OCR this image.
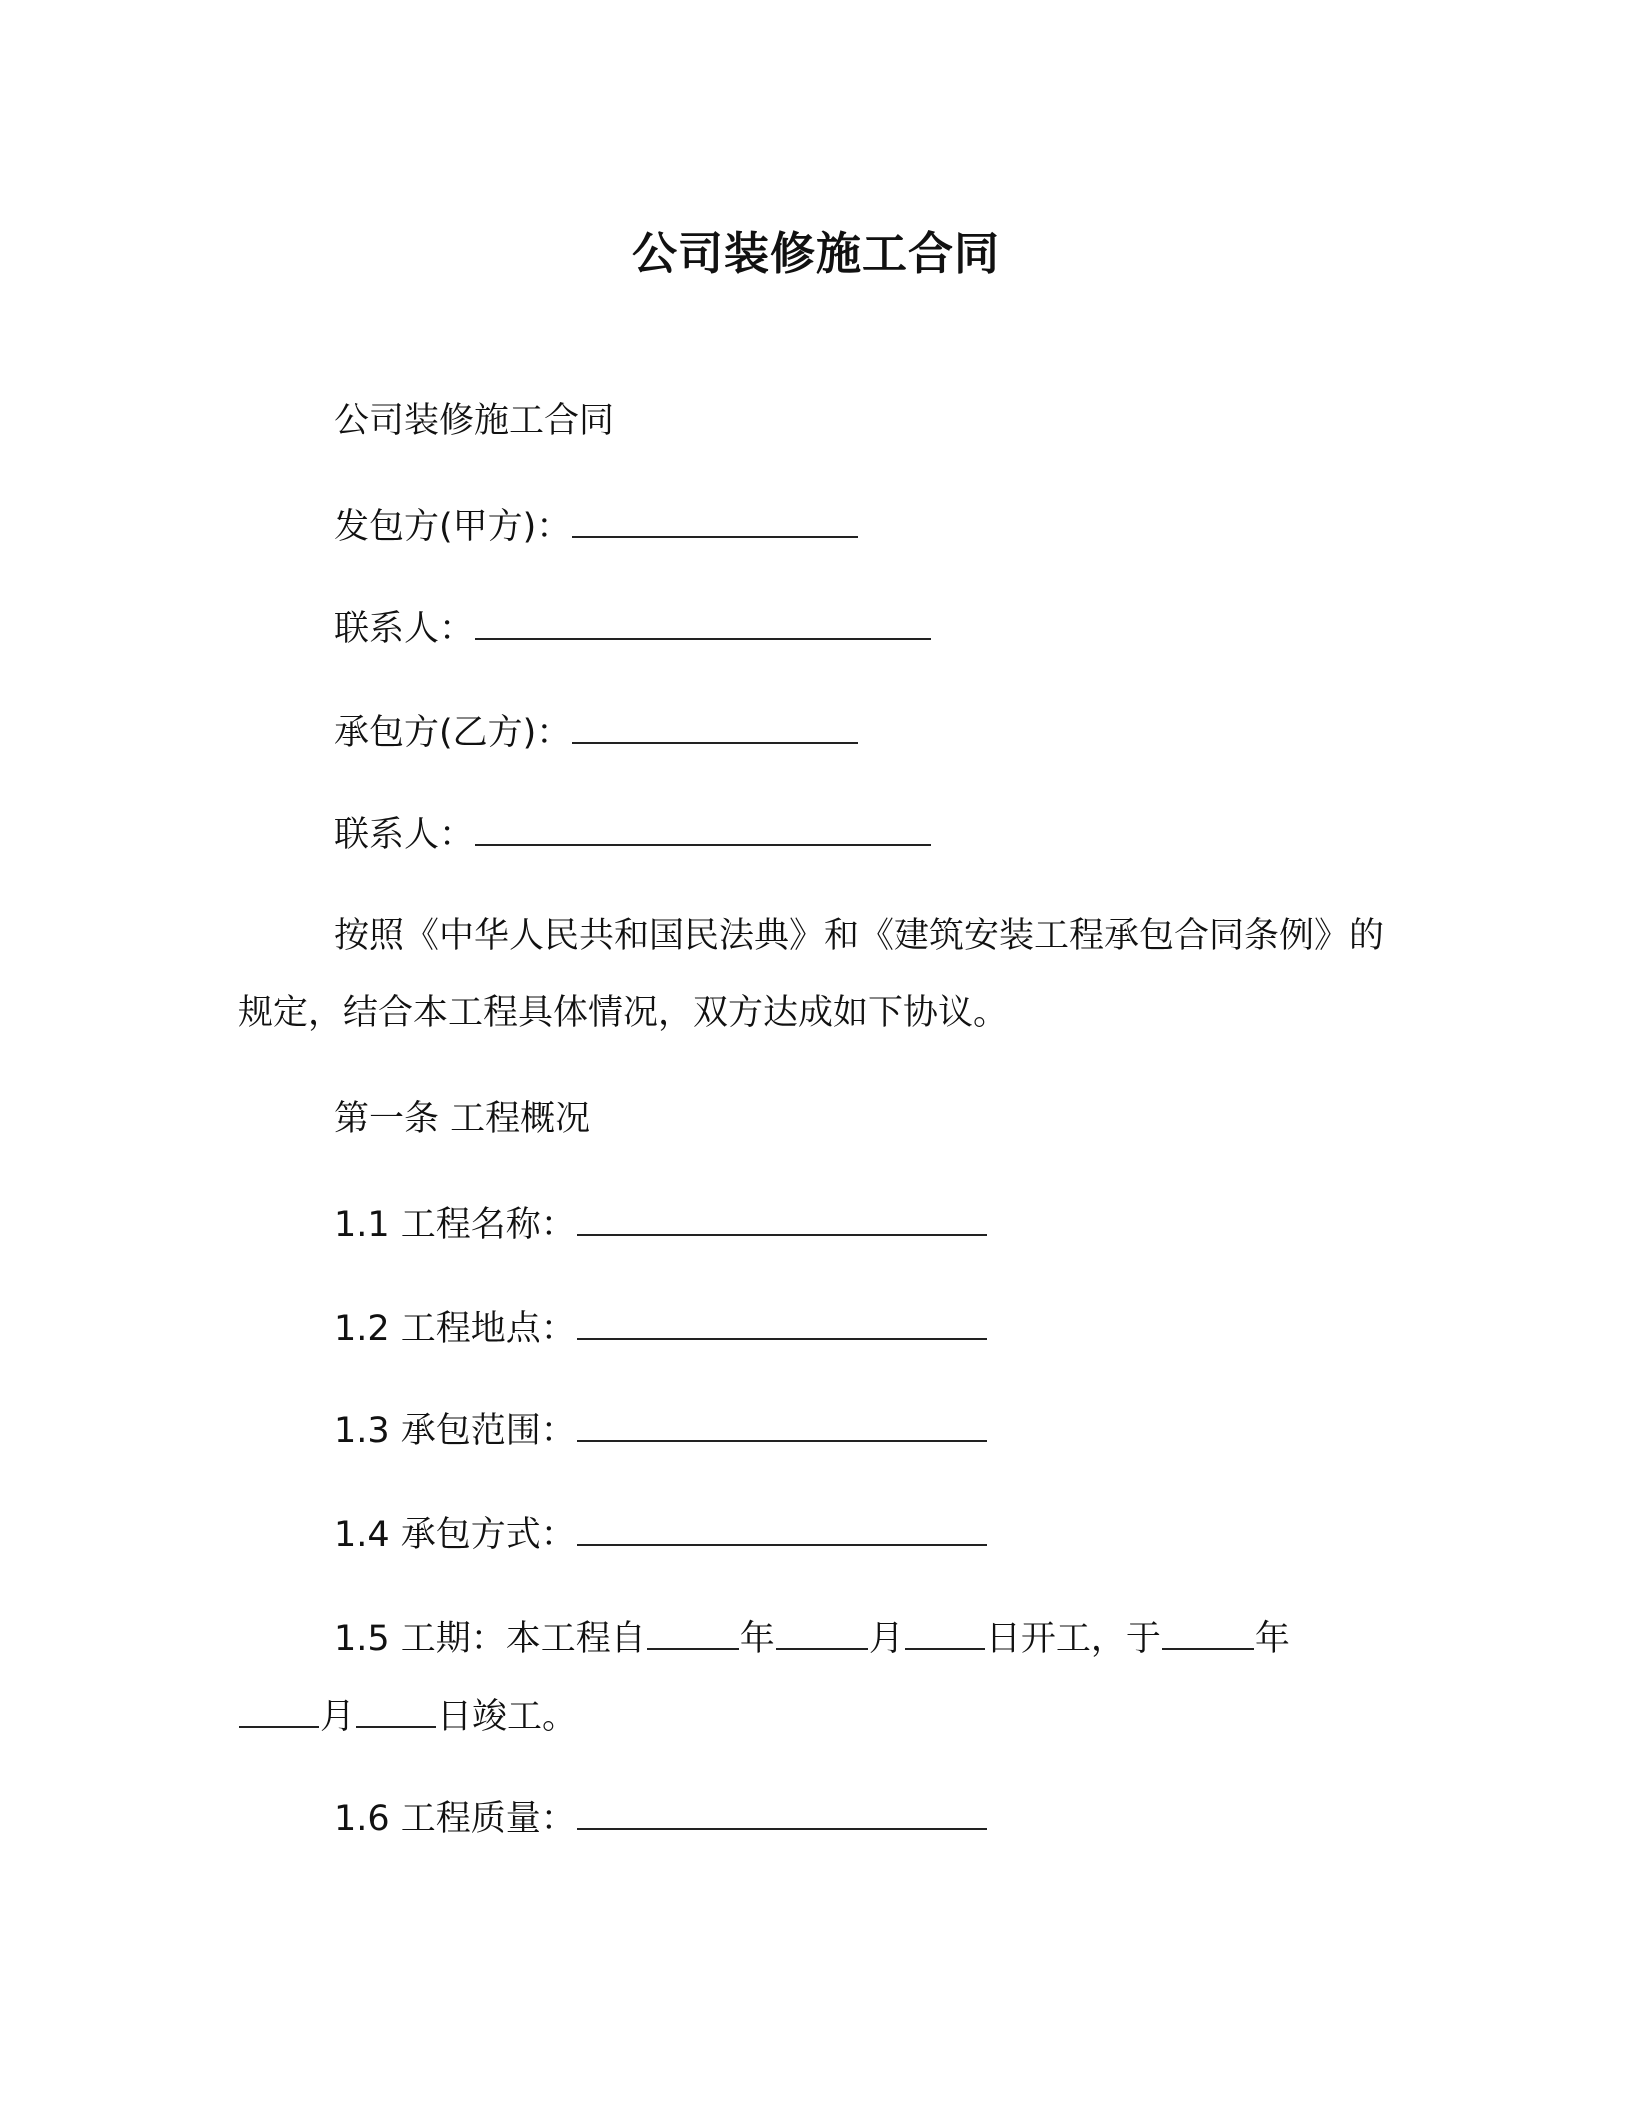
公司装修施工合同
公司装修施工合同
发包方(甲方)：
联系人：
承包方(乙方)：
联系人：
按照《中华人民共和国民法典》和《建筑安装工程承包合同条例》的规定，结合本工程具体情况，双方达成如下协议。
第一条 工程概况
1.1 工程名称：
1.2 工程地点：
1.3 承包范围：
1.4 承包方式：
1.5 工期：本工程自	年	月 日开工，于	年
月 日竣工。
1.6 工程质量：
